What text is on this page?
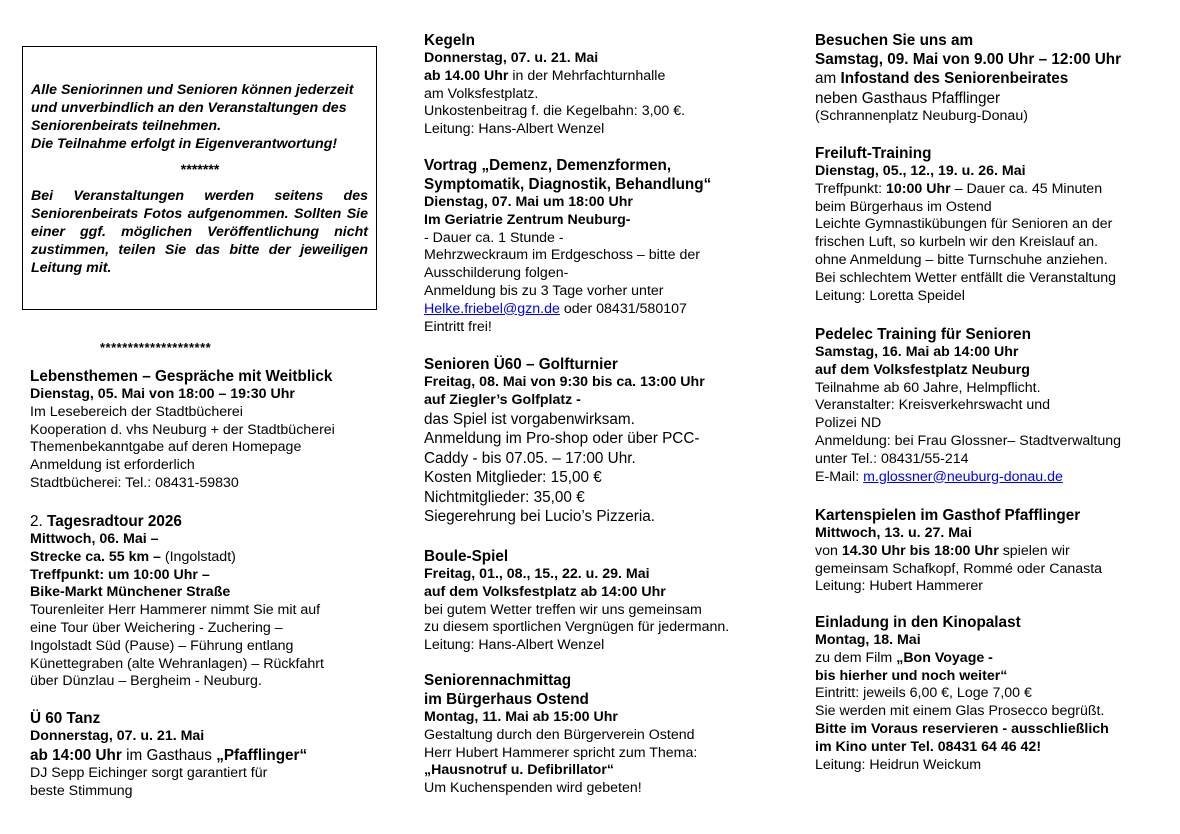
Alle Seniorinnen und Senioren können jederzeit und unverbindlich an den Veranstaltungen des Seniorenbeirats teilnehmen.

Die Teilnahme erfolgt in Eigenverantwortung!

*******

Bei Veranstaltungen werden seitens des Seniorenbeirats Fotos aufgenommen. Sollten Sie einer ggf. möglichen Veröffentlichung nicht zustimmen, teilen Sie das bitte der jeweiligen Leitung mit.

********************
Lebensthemen – Gespräche mit Weitblick
Dienstag, 05. Mai von 18:00 – 19:30 Uhr
Im Lesebereich der Stadtbücherei
Kooperation d. vhs Neuburg + der Stadtbücherei
Themenbekanntgabe auf deren Homepage
Anmeldung ist erforderlich
Stadtbücherei: Tel.: 08431-59830
2. Tagesradtour 2026
Mittwoch, 06. Mai –
Strecke ca. 55 km – (Ingolstadt)
Treffpunkt: um 10:00 Uhr –
Bike-Markt Münchener Straße
Tourenleiter Herr Hammerer nimmt Sie mit auf
eine Tour über Weichering - Zuchering –
Ingolstadt Süd (Pause) – Führung entlang
Künettegraben (alte Wehranlagen) – Rückfahrt
über Dünzlau – Bergheim - Neuburg.
Ü 60 Tanz
Donnerstag, 07. u. 21. Mai
ab 14:00 Uhr im Gasthaus „Pfafflinger“
DJ Sepp Eichinger sorgt garantiert für
beste Stimmung
Kegeln
Donnerstag, 07. u. 21. Mai
ab 14.00 Uhr in der Mehrfachturnhalle
am Volksfestplatz.
Unkostenbeitrag f. die Kegelbahn: 3,00 €.
Leitung: Hans-Albert Wenzel
Vortrag „Demenz, Demenzformen,
Symptomatik, Diagnostik, Behandlung“
Dienstag, 07. Mai um 18:00 Uhr
Im Geriatrie Zentrum Neuburg-
- Dauer ca. 1 Stunde -
Mehrzweckraum im Erdgeschoss – bitte der
Ausschilderung folgen-
Anmeldung bis zu 3 Tage vorher unter
Helke.friebel@gzn.de oder 08431/580107
Eintritt frei!
Senioren Ü60 – Golfturnier
Freitag, 08. Mai von 9:30 bis ca. 13:00 Uhr
auf Ziegler’s Golfplatz -
das Spiel ist vorgabenwirksam.
Anmeldung im Pro-shop oder über PCC-
Caddy - bis 07.05. – 17:00 Uhr.
Kosten Mitglieder: 15,00 €
Nichtmitglieder: 35,00 €
Siegerehrung bei Lucio’s Pizzeria.
Boule-Spiel
Freitag, 01., 08., 15., 22. u. 29. Mai
auf dem Volksfestplatz ab 14:00 Uhr
bei gutem Wetter treffen wir uns gemeinsam
zu diesem sportlichen Vergnügen für jedermann.
Leitung: Hans-Albert Wenzel
Seniorennachmittag
im Bürgerhaus Ostend
Montag, 11. Mai ab 15:00 Uhr
Gestaltung durch den Bürgerverein Ostend
Herr Hubert Hammerer spricht zum Thema:
„Hausnotruf u. Defibrillator“
Um Kuchenspenden wird gebeten!
Besuchen Sie uns am
Samstag, 09. Mai von 9.00 Uhr – 12:00 Uhr
am Infostand des Seniorenbeirates
neben Gasthaus Pfafflinger
(Schrannenplatz Neuburg-Donau)
Freiluft-Training
Dienstag, 05., 12., 19. u. 26. Mai
Treffpunkt: 10:00 Uhr – Dauer ca. 45 Minuten
beim Bürgerhaus im Ostend
Leichte Gymnastikübungen für Senioren an der
frischen Luft, so kurbeln wir den Kreislauf an.
ohne Anmeldung – bitte Turnschuhe anziehen.
Bei schlechtem Wetter entfällt die Veranstaltung
Leitung: Loretta Speidel
Pedelec Training für Senioren
Samstag, 16. Mai ab 14:00 Uhr
auf dem Volksfestplatz Neuburg
Teilnahme ab 60 Jahre, Helmpflicht.
Veranstalter: Kreisverkehrswacht und
Polizei ND
Anmeldung: bei Frau Glossner– Stadtverwaltung
unter Tel.: 08431/55-214
E-Mail: m.glossner@neuburg-donau.de
Kartenspielen im Gasthof Pfafflinger
Mittwoch, 13. u. 27. Mai
von 14.30 Uhr bis 18:00 Uhr spielen wir
gemeinsam Schafkopf, Rommé oder Canasta
Leitung: Hubert Hammerer
Einladung in den Kinopalast
Montag, 18. Mai
zu dem Film „Bon Voyage -
bis hierher und noch weiter“
Eintritt: jeweils 6,00 €, Loge 7,00 €
Sie werden mit einem Glas Prosecco begrüßt.
Bitte im Voraus reservieren - ausschließlich
im Kino unter Tel. 08431 64 46 42!
Leitung: Heidrun Weickum
